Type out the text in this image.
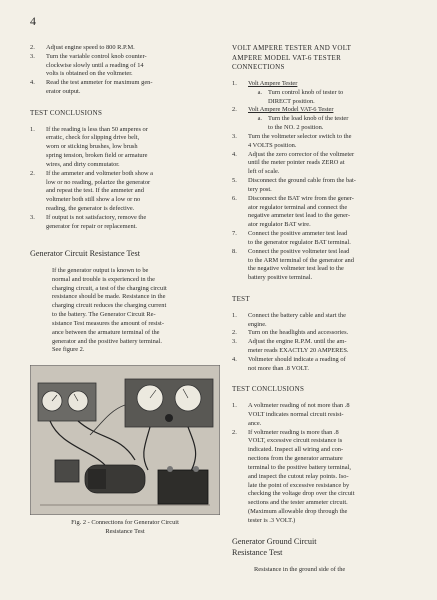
4
2.	Adjust engine speed to 800 R.P.M.
3.	Turn the variable control knob counter-
clockwise slowly until a reading of 14
volts is obtained on the voltmeter.
4.	Read the test ammeter for maximum gen-
erator output.
TEST CONCLUSIONS
1.	If the reading is less than 50 amperes or
erratic, check for slipping drive belt,
worn or sticking brushes, low brush
spring tension, broken field or armature
wires, and dirty commutator.
2.	If the ammeter and voltmeter both show a
low or no reading, polarize the generator
and repeat the test. If the ammeter and
voltmeter both still show a low or no
reading, the generator is defective.
3.	If output is not satisfactory, remove the
generator for repair or replacement.
Generator Circuit Resistance Test
If the generator output is known to be
normal and trouble is experienced in the
charging circuit, a test of the charging circuit
resistance should be made. Resistance in the
charging circuit reduces the charging current
to the battery. The Generator Circuit Re-
sistance Test measures the amount of resist-
ance between the armature terminal of the
generator and the positive battery terminal.
See figure 2.
Fig. 2 - Connections for Generator Circuit
Resistance Test
VOLT AMPERE TESTER AND VOLT
AMPERE MODEL VAT-6 TESTER
CONNECTIONS
1.	Volt Ampere Tester
a. Turn control knob of tester to
DIRECT position.
2.	Volt Ampere Model VAT-6 Tester
a. Turn the load knob of the tester
to the NO. 2 position.
3.	Turn the voltmeter selector switch to the
4 VOLTS position.
4.	Adjust the zero corrector of the voltmeter
until the meter pointer reads ZERO at
left of scale.
5.	Disconnect the ground cable from the bat-
tery post.
6.	Disconnect the BAT wire from the gener-
ator regulator terminal and connect the
negative ammeter test lead to the gener-
ator regulator BAT wire.
7.	Connect the positive ammeter test lead
to the generator regulator BAT terminal.
8.	Connect the positive voltmeter test lead
to the ARM terminal of the generator and
the negative voltmeter test lead to the
battery positive terminal.
TEST
1.	Connect the battery cable and start the
engine.
2.	Turn on the headlights and accessories.
3.	Adjust the engine R.P.M. until the am-
meter reads EXACTLY 20 AMPERES.
4.	Voltmeter should indicate a reading of
not more than .8 VOLT.
TEST CONCLUSIONS
1.	A voltmeter reading of not more than .8
VOLT indicates normal circuit resist-
ance.
2.	If voltmeter reading is more than .8
VOLT, excessive circuit resistance is
indicated. Inspect all wiring and con-
nections from the generator armature
terminal to the positive battery terminal,
and inspect the cutout relay points. Iso-
late the point of excessive resistance by
checking the voltage drop over the circuit
sections and the tester ammeter circuit.
(Maximum allowable drop through the
tester is .3 VOLT.)
Generator Ground Circuit
Resistance Test
Resistance in the ground side of the
